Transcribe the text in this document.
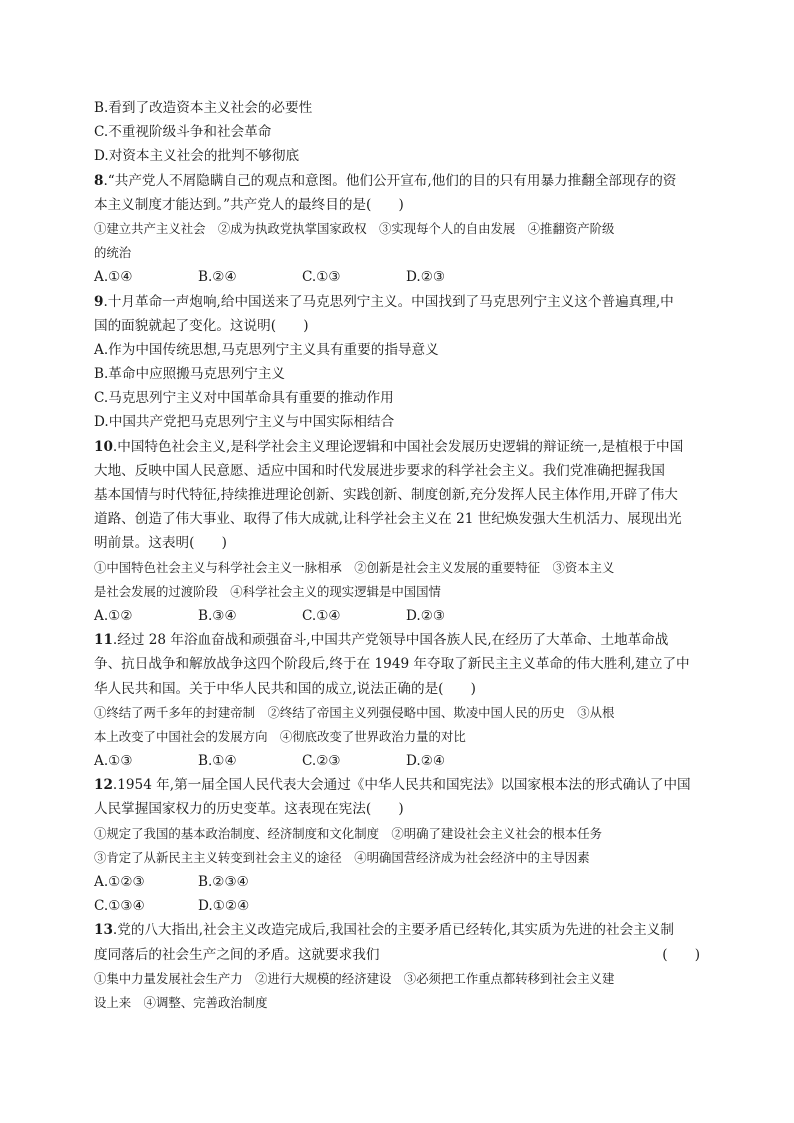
B.看到了改造资本主义社会的必要性
C.不重视阶级斗争和社会革命
D.对资本主义社会的批判不够彻底
8.“共产党人不屑隐瞒自己的观点和意图。他们公开宣布,他们的目的只有用暴力推翻全部现存的资
本主义制度才能达到。”共产党人的最终目的是(　　)
①建立共产主义社会　②成为执政党执掌国家政权　③实现每个人的自由发展　④推翻资产阶级
的统治
A.①④	B.②④	C.①③	D.②③
9.十月革命一声炮响,给中国送来了马克思列宁主义。中国找到了马克思列宁主义这个普遍真理,中
国的面貌就起了变化。这说明(　　)
A.作为中国传统思想,马克思列宁主义具有重要的指导意义
B.革命中应照搬马克思列宁主义
C.马克思列宁主义对中国革命具有重要的推动作用
D.中国共产党把马克思列宁主义与中国实际相结合
10.中国特色社会主义,是科学社会主义理论逻辑和中国社会发展历史逻辑的辩证统一,是植根于中国
大地、反映中国人民意愿、适应中国和时代发展进步要求的科学社会主义。我们党准确把握我国
基本国情与时代特征,持续推进理论创新、实践创新、制度创新,充分发挥人民主体作用,开辟了伟大
道路、创造了伟大事业、取得了伟大成就,让科学社会主义在 21 世纪焕发强大生机活力、展现出光
明前景。这表明(　　)
①中国特色社会主义与科学社会主义一脉相承　②创新是社会主义发展的重要特征　③资本主义
是社会发展的过渡阶段　④科学社会主义的现实逻辑是中国国情
A.①②	B.③④	C.①④	D.②③
11.经过 28 年浴血奋战和顽强奋斗,中国共产党领导中国各族人民,在经历了大革命、土地革命战
争、抗日战争和解放战争这四个阶段后,终于在 1949 年夺取了新民主主义革命的伟大胜利,建立了中
华人民共和国。关于中华人民共和国的成立,说法正确的是(　　)
①终结了两千多年的封建帝制　②终结了帝国主义列强侵略中国、欺凌中国人民的历史　③从根
本上改变了中国社会的发展方向　④彻底改变了世界政治力量的对比
A.①③	B.①④	C.②③	D.②④
12.1954 年,第一届全国人民代表大会通过《中华人民共和国宪法》以国家根本法的形式确认了中国
人民掌握国家权力的历史变革。这表现在宪法(　　)
①规定了我国的基本政治制度、经济制度和文化制度　②明确了建设社会主义社会的根本任务
③肯定了从新民主主义转变到社会主义的途径　④明确国营经济成为社会经济中的主导因素
A.①②③	B.②③④
C.①③④	D.①②④
13.党的八大指出,社会主义改造完成后,我国社会的主要矛盾已经转化,其实质为先进的社会主义制
度同落后的社会生产之间的矛盾。这就要求我们	(　　)
①集中力量发展社会生产力　②进行大规模的经济建设　③必须把工作重点都转移到社会主义建
设上来　④调整、完善政治制度
